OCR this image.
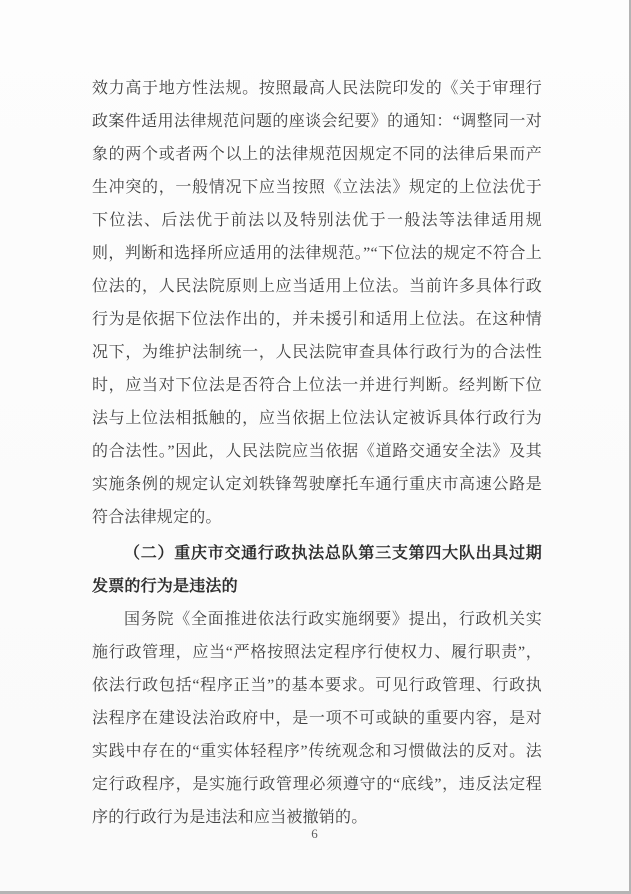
效力高于地方性法规。按照最高人民法院印发的《关于审理行政案件适用法律规范问题的座谈会纪要》的通知：“调整同一对象的两个或者两个以上的法律规范因规定不同的法律后果而产生冲突的，一般情况下应当按照《立法法》规定的上位法优于下位法、后法优于前法以及特别法优于一般法等法律适用规则，判断和选择所应适用的法律规范。”“下位法的规定不符合上位法的，人民法院原则上应当适用上位法。当前许多具体行政行为是依据下位法作出的，并未援引和适用上位法。在这种情况下，为维护法制统一，人民法院审查具体行政行为的合法性时，应当对下位法是否符合上位法一并进行判断。经判断下位法与上位法相抵触的，应当依据上位法认定被诉具体行政行为的合法性。”因此，人民法院应当依据《道路交通安全法》及其实施条例的规定认定刘轶锋驾驶摩托车通行重庆市高速公路是符合法律规定的。

（二）重庆市交通行政执法总队第三支第四大队出具过期发票的行为是违法的

国务院《全面推进依法行政实施纲要》提出，行政机关实施行政管理，应当“严格按照法定程序行使权力、履行职责”，依法行政包括“程序正当”的基本要求。可见行政管理、行政执法程序在建设法治政府中，是一项不可或缺的重要内容，是对实践中存在的“重实体轻程序”传统观念和习惯做法的反对。法定行政程序，是实施行政管理必须遵守的“底线”，违反法定程序的行政行为是违法和应当被撤销的。

6
